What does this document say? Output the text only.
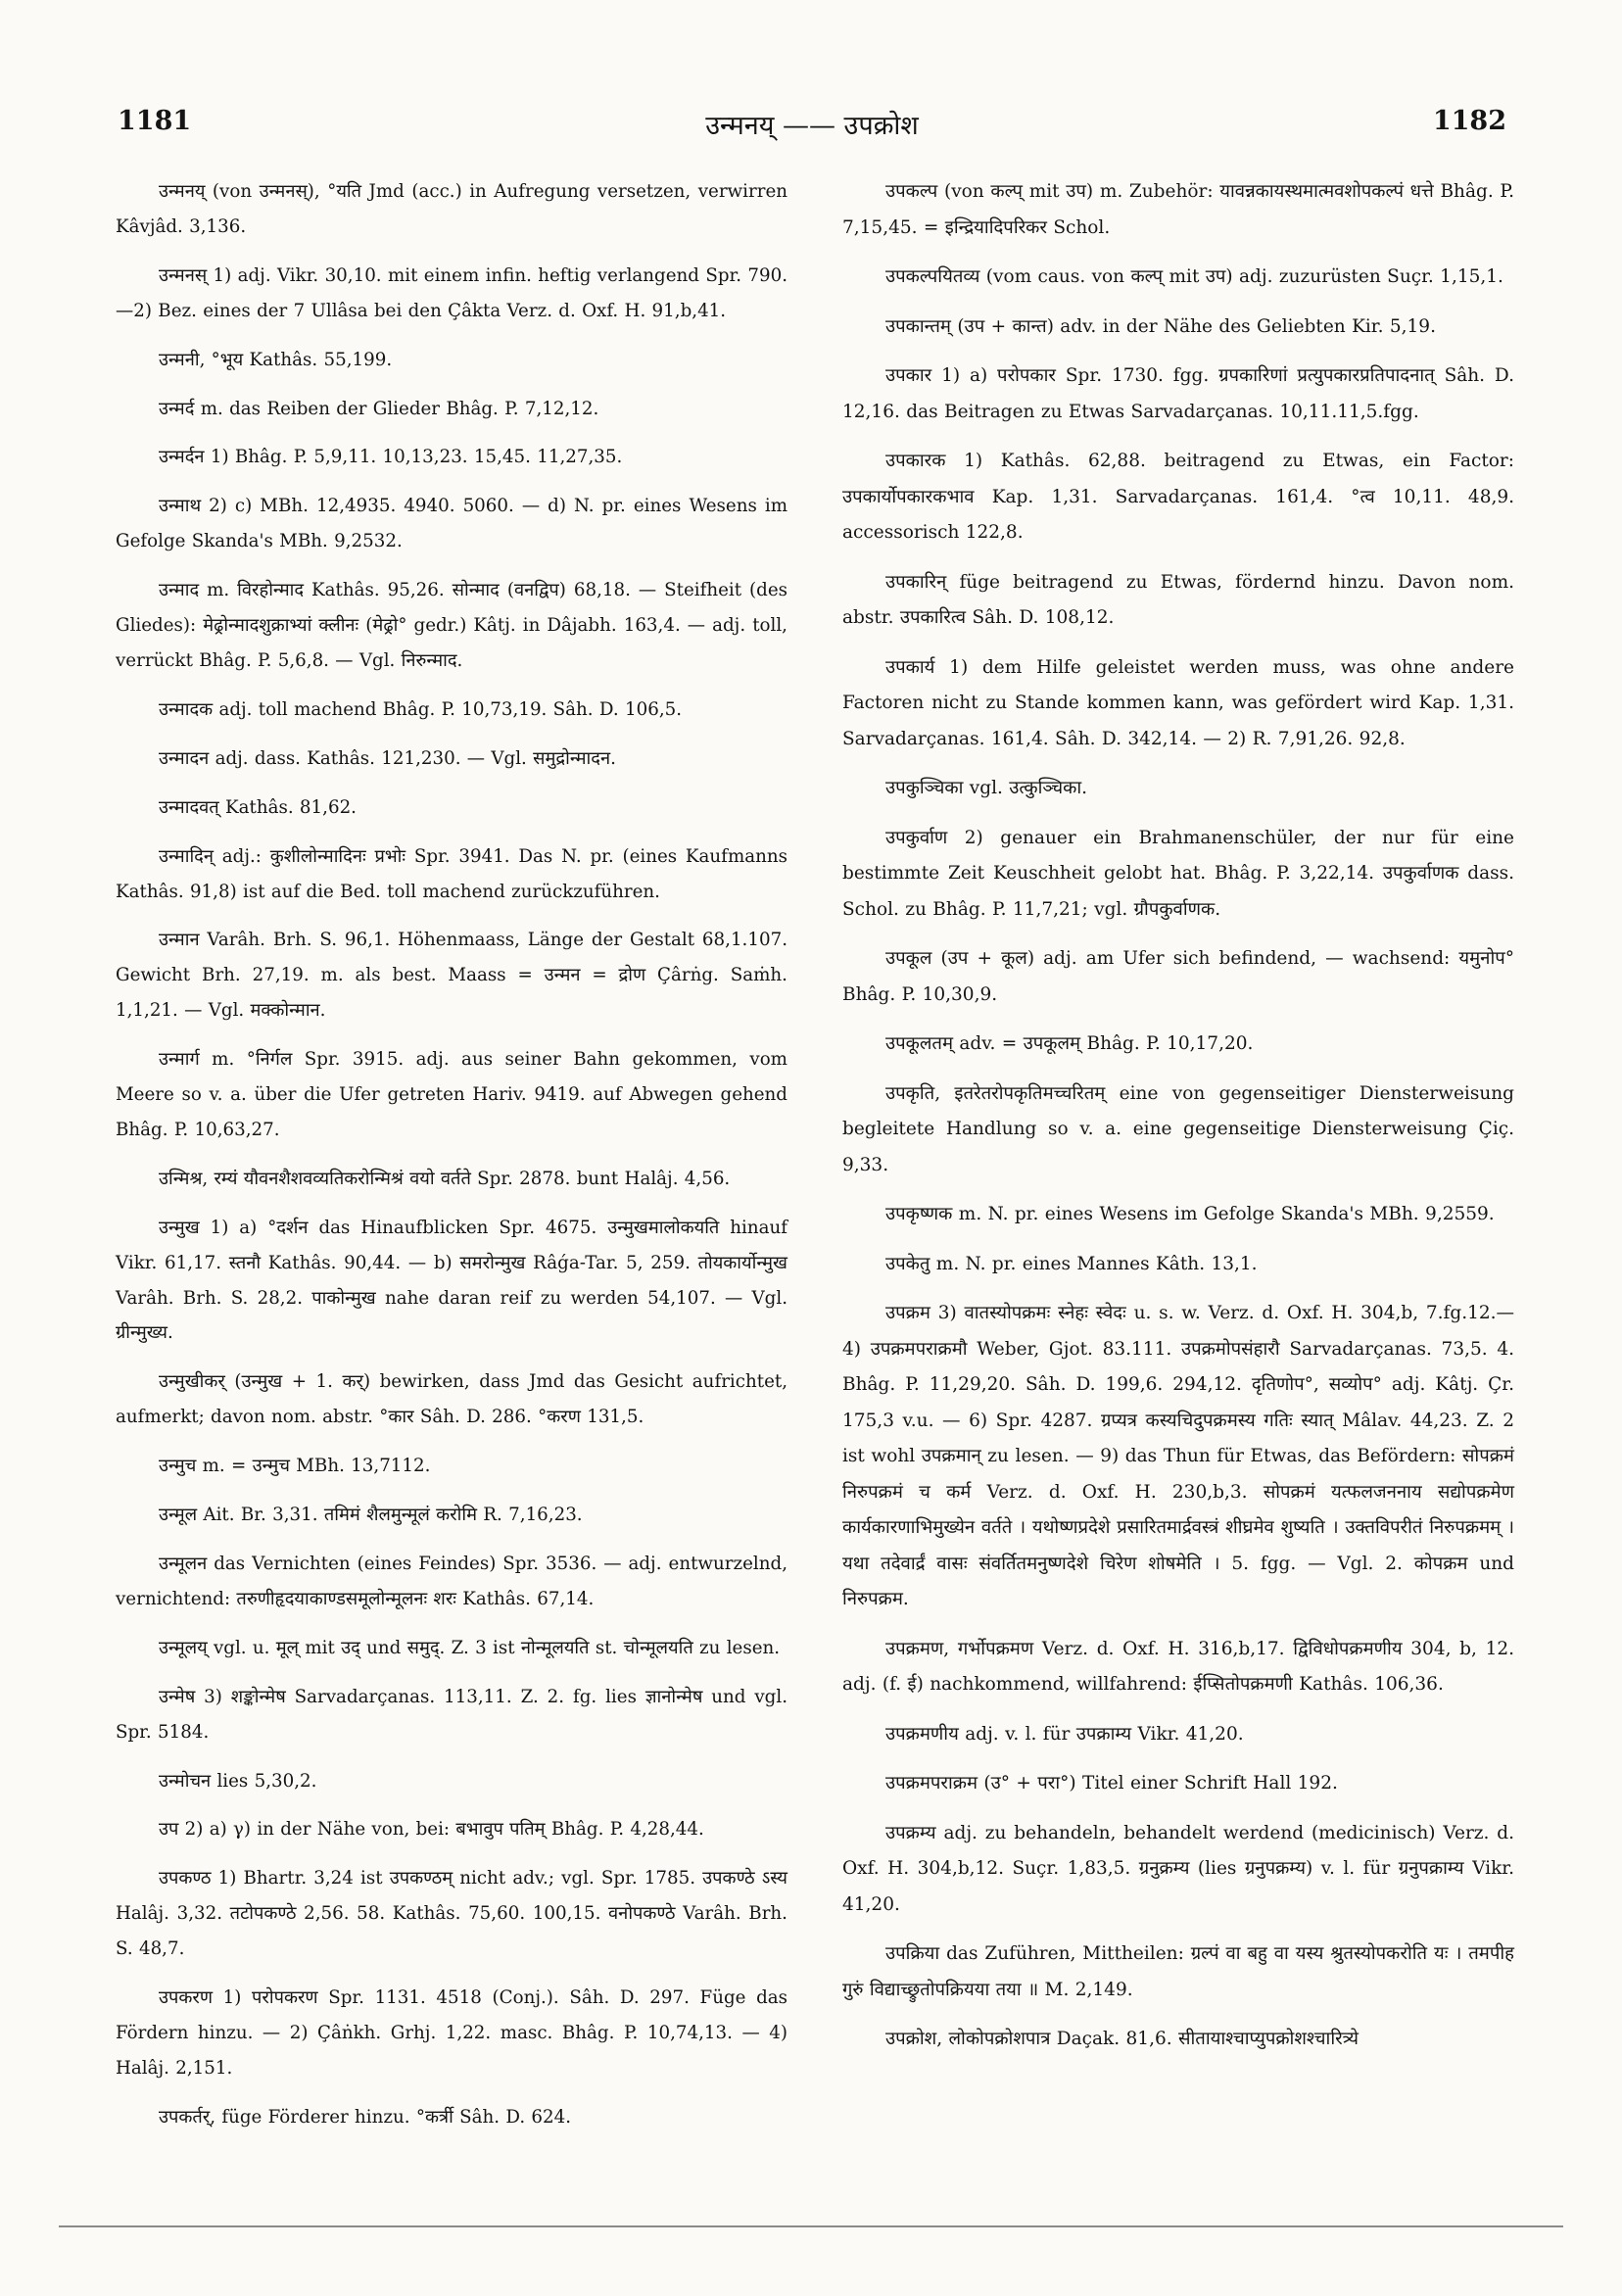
1181	उन्मनय् —— उपक्रोश	1182

उन्मनय् (von उन्मनस्), °यति Jmd (acc.) in Aufregung versetzen, verwirren Kâvjâd. 3,136.

उन्मनस् 1) adj. Vikr. 30,10. mit einem infin. heftig verlangend Spr. 790.—2) Bez. eines der 7 Ullâsa bei den Çâkta Verz. d. Oxf. H. 91,b,41.

उन्मनी, °भूय Kathâs. 55,199.

उन्मर्द m. das Reiben der Glieder Bhâg. P. 7,12,12.

उन्मर्दन 1) Bhâg. P. 5,9,11. 10,13,23. 15,45. 11,27,35.

उन्माथ 2) c) MBh. 12,4935. 4940. 5060. — d) N. pr. eines Wesens im Gefolge Skanda's MBh. 9,2532.

उन्माद m. विरहोन्माद Kathâs. 95,26. सोन्माद (वनद्विप) 68,18. — Steifheit (des Gliedes): मेढ्रोन्मादशुक्राभ्यां क्लीनः (मेढ्रो° gedr.) Kâtj. in Dâjabh. 163,4. — adj. toll, verrückt Bhâg. P. 5,6,8. — Vgl. निरुन्माद.

उन्मादक adj. toll machend Bhâg. P. 10,73,19. Sâh. D. 106,5.

उन्मादन adj. dass. Kathâs. 121,230. — Vgl. समुद्रोन्मादन.

उन्मादवत् Kathâs. 81,62.

उन्मादिन् adj.: कुशीलोन्मादिनः प्रभोः Spr. 3941. Das N. pr. (eines Kaufmanns Kathâs. 91,8) ist auf die Bed. toll machend zurückzuführen.

उन्मान Varâh. Brh. S. 96,1. Höhenmaass, Länge der Gestalt 68,1.107. Gewicht Brh. 27,19. m. als best. Maass = उन्मन = द्रोण Çârṅg. Saṁh. 1,1,21. — Vgl. मक्कोन्मान.

उन्मार्ग m. °निर्गल Spr. 3915. adj. aus seiner Bahn gekommen, vom Meere so v. a. über die Ufer getreten Hariv. 9419. auf Abwegen gehend Bhâg. P. 10,63,27.

उन्मिश्र, रम्यं यौवनशैशवव्यतिकरोन्मिश्रं वयो वर्तते Spr. 2878. bunt Halâj. 4,56.

उन्मुख 1) a) °दर्शन das Hinaufblicken Spr. 4675. उन्मुखमालोकयति hinauf Vikr. 61,17. स्तनौ Kathâs. 90,44. — b) समरोन्मुख Râǵa-Tar. 5, 259. तोयकार्योन्मुख Varâh. Brh. S. 28,2. पाकोन्मुख nahe daran reif zu werden 54,107. — Vgl. ग्रीन्मुख्य.

उन्मुखीकर् (उन्मुख + 1. कर्) bewirken, dass Jmd das Gesicht aufrichtet, aufmerkt; davon nom. abstr. °कार Sâh. D. 286. °करण 131,5.

उन्मुच m. = उन्मुच MBh. 13,7112.

उन्मूल Ait. Br. 3,31. तमिमं शैलमुन्मूलं करोमि R. 7,16,23.

उन्मूलन das Vernichten (eines Feindes) Spr. 3536. — adj. entwurzelnd, vernichtend: तरुणीहृदयाकाण्डसमूलोन्मूलनः शरः Kathâs. 67,14.

उन्मूलय् vgl. u. मूल् mit उद् und समुद्. Z. 3 ist नोन्मूलयति st. चोन्मूलयति zu lesen.

उन्मेष 3) शङ्कोन्मेष Sarvadarçanas. 113,11. Z. 2. fg. lies ज्ञानोन्मेष und vgl. Spr. 5184.

उन्मोचन lies 5,30,2.

उप 2) a) γ) in der Nähe von, bei: बभावुप पतिम् Bhâg. P. 4,28,44.

उपकण्ठ 1) Bhartr. 3,24 ist उपकण्ठम् nicht adv.; vgl. Spr. 1785. उपकण्ठे ऽस्य Halâj. 3,32. तटोपकण्ठे 2,56. 58. Kathâs. 75,60. 100,15. वनोपकण्ठे Varâh. Brh. S. 48,7.

उपकरण 1) परोपकरण Spr. 1131. 4518 (Conj.). Sâh. D. 297. Füge das Fördern hinzu. — 2) Çâṅkh. Grhj. 1,22. masc. Bhâg. P. 10,74,13. — 4) Halâj. 2,151.

उपकर्तर्, füge Förderer hinzu. °कर्त्री Sâh. D. 624.

उपकल्प (von कल्प् mit उप) m. Zubehör: यावन्नकायस्थमात्मवशोपकल्पं धत्ते Bhâg. P. 7,15,45. = इन्द्रियादिपरिकर Schol.

उपकल्पयितव्य (vom caus. von कल्प् mit उप) adj. zuzurüsten Suçr. 1,15,1.

उपकान्तम् (उप + कान्त) adv. in der Nähe des Geliebten Kir. 5,19.

उपकार 1) a) परोपकार Spr. 1730. fgg. ग्रपकारिणां प्रत्युपकारप्रतिपादनात् Sâh. D. 12,16. das Beitragen zu Etwas Sarvadarçanas. 10,11.11,5.fgg.

उपकारक 1) Kathâs. 62,88. beitragend zu Etwas, ein Factor: उपकार्योपकारकभाव Kap. 1,31. Sarvadarçanas. 161,4. °त्व 10,11. 48,9. accessorisch 122,8.

उपकारिन् füge beitragend zu Etwas, fördernd hinzu. Davon nom. abstr. उपकारित्व Sâh. D. 108,12.

उपकार्य 1) dem Hilfe geleistet werden muss, was ohne andere Factoren nicht zu Stande kommen kann, was gefördert wird Kap. 1,31. Sarvadarçanas. 161,4. Sâh. D. 342,14. — 2) R. 7,91,26. 92,8.

उपकुञ्चिका vgl. उत्कुञ्चिका.

उपकुर्वाण 2) genauer ein Brahmanenschüler, der nur für eine bestimmte Zeit Keuschheit gelobt hat. Bhâg. P. 3,22,14. उपकुर्वाणक dass. Schol. zu Bhâg. P. 11,7,21; vgl. ग्रौपकुर्वाणक.

उपकूल (उप + कूल) adj. am Ufer sich befindend, — wachsend: यमुनोप° Bhâg. P. 10,30,9.

उपकूलतम् adv. = उपकूलम् Bhâg. P. 10,17,20.

उपकृति, इतरेतरोपकृतिमच्चरितम् eine von gegenseitiger Diensterweisung begleitete Handlung so v. a. eine gegenseitige Diensterweisung Çiç. 9,33.

उपकृष्णक m. N. pr. eines Wesens im Gefolge Skanda's MBh. 9,2559.

उपकेतु m. N. pr. eines Mannes Kâth. 13,1.

उपक्रम 3) वातस्योपक्रमः स्नेहः स्वेदः u. s. w. Verz. d. Oxf. H. 304,b, 7.fg.12.—4) उपक्रमपराक्रमौ Weber, Gjot. 83.111. उपक्रमोपसंहारौ Sarvadarçanas. 73,5. 4. Bhâg. P. 11,29,20. Sâh. D. 199,6. 294,12. दृतिणोप°, सव्योप° adj. Kâtj. Çr. 175,3 v.u. — 6) Spr. 4287. ग्रप्यत्र कस्यचिदुपक्रमस्य गतिः स्यात् Mâlav. 44,23. Z. 2 ist wohl उपक्रमान् zu lesen. — 9) das Thun für Etwas, das Befördern: सोपक्रमं निरुपक्रमं च कर्म Verz. d. Oxf. H. 230,b,3. सोपक्रमं यत्फलजननाय सद्योपक्रमेण कार्यकारणाभिमुख्येन वर्तते । यथोष्णप्रदेशे प्रसारितमार्द्रवस्त्रं शीघ्रमेव शुष्यति । उक्तविपरीतं निरुपक्रमम् । यथा तदेवार्द्रं वासः संवर्तितमनुष्णदेशे चिरेण शोषमेति । 5. fgg. — Vgl. 2. कोपक्रम und निरुपक्रम.

उपक्रमण, गर्भोपक्रमण Verz. d. Oxf. H. 316,b,17. द्विविधोपक्रमणीय 304, b, 12. adj. (f. ई) nachkommend, willfahrend: ईप्सितोपक्रमणी Kathâs. 106,36.

उपक्रमणीय adj. v. l. für उपक्राम्य Vikr. 41,20.

उपक्रमपराक्रम (उ° + परा°) Titel einer Schrift Hall 192.

उपक्रम्य adj. zu behandeln, behandelt werdend (medicinisch) Verz. d. Oxf. H. 304,b,12. Suçr. 1,83,5. ग्रनुक्रम्य (lies ग्रनुपक्रम्य) v. l. für ग्रनुपक्राम्य Vikr. 41,20.

उपक्रिया das Zuführen, Mittheilen: ग्रल्पं वा बहु वा यस्य श्रुतस्योपकरोति यः । तमपीह गुरुं विद्याच्छ्रुतोपक्रियया तया ॥ M. 2,149.

उपक्रोश, लोकोपक्रोशपात्र Daçak. 81,6. सीतायाश्चाप्युपक्रोशश्चारित्र्ये
